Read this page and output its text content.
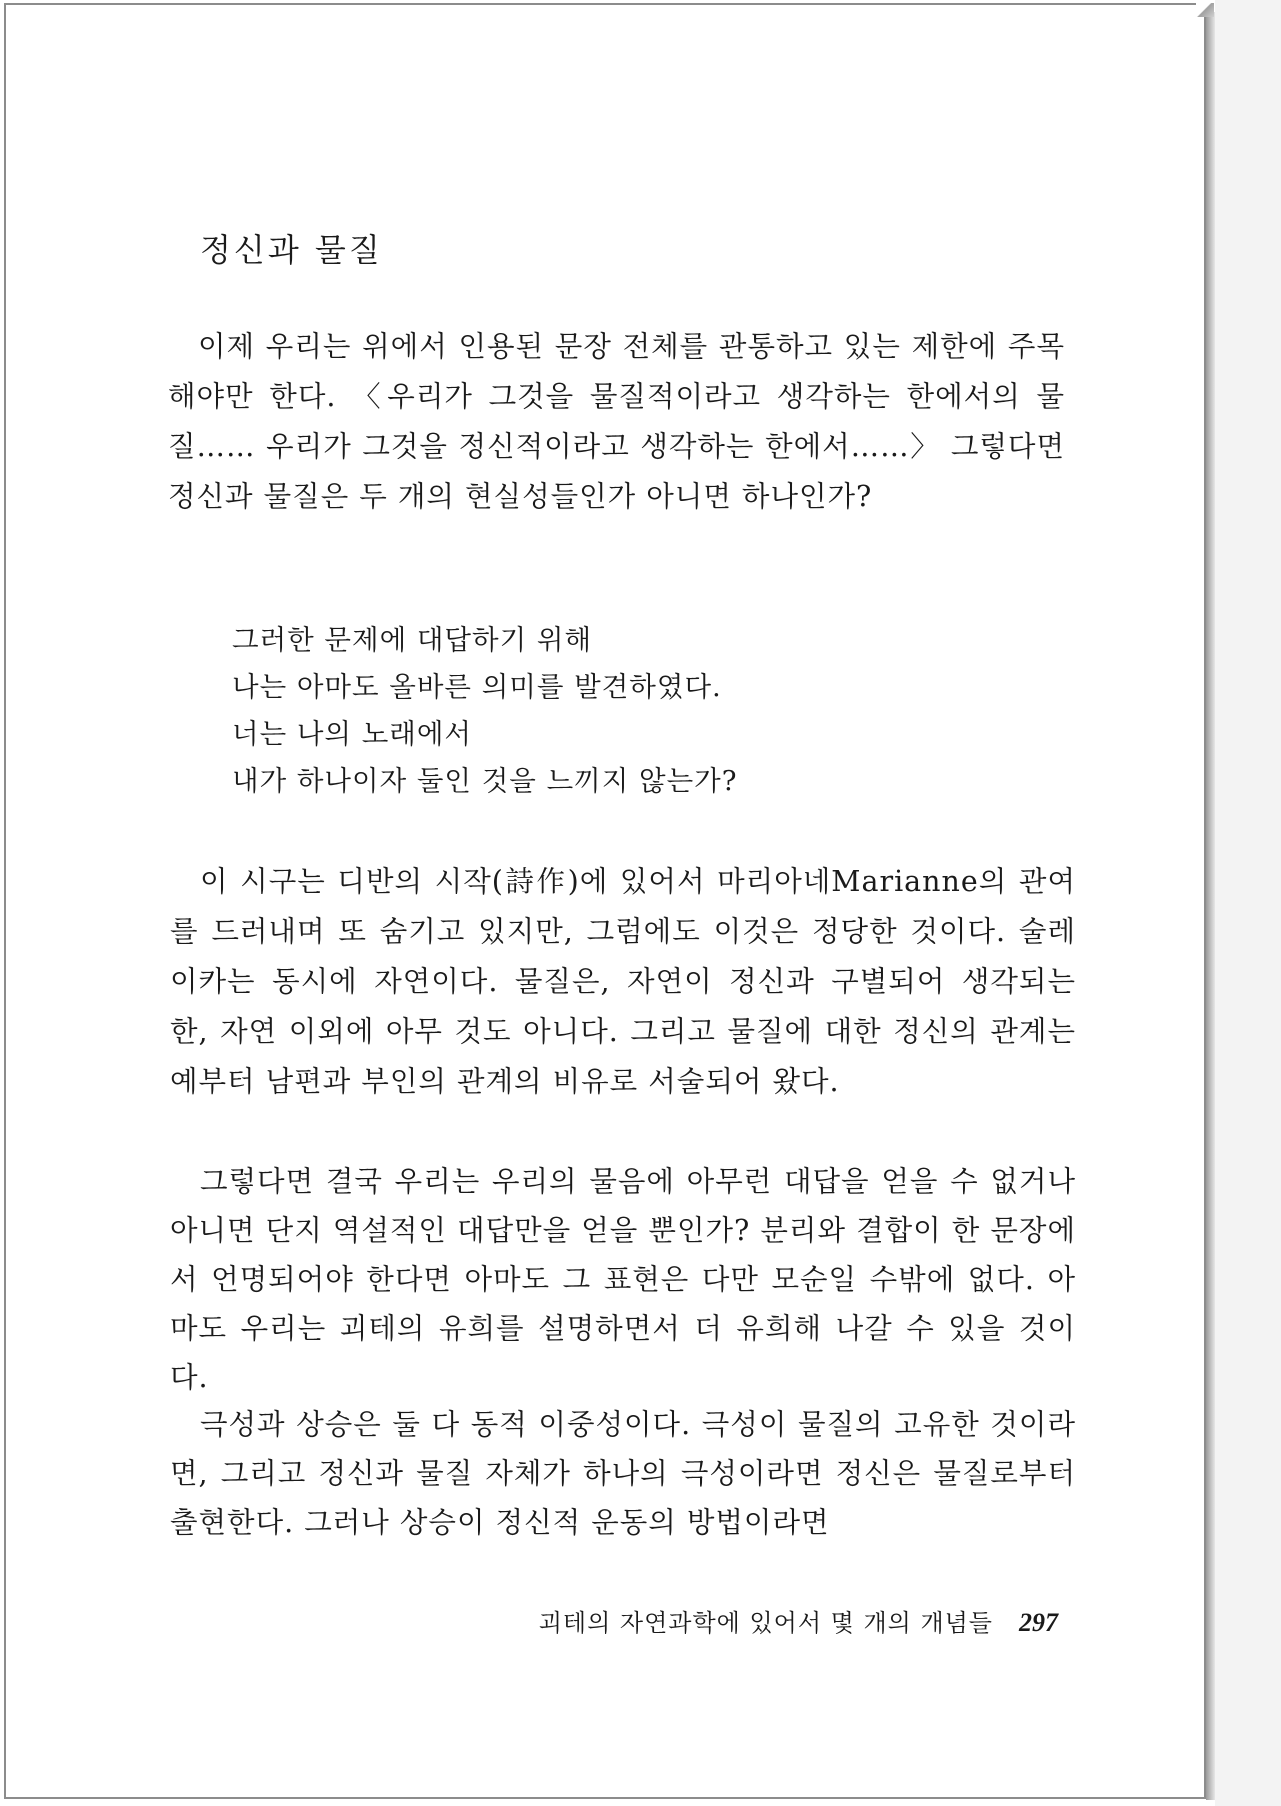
정신과 물질

이제 우리는 위에서 인용된 문장 전체를 관통하고 있는 제한에 주목해야만 한다. 〈우리가 그것을 물질적이라고 생각하는 한에서의 물질…… 우리가 그것을 정신적이라고 생각하는 한에서……〉 그렇다면 정신과 물질은 두 개의 현실성들인가 아니면 하나인가?

그러한 문제에 대답하기 위해
나는 아마도 올바른 의미를 발견하였다.
너는 나의 노래에서
내가 하나이자 둘인 것을 느끼지 않는가?

이 시구는 디반의 시작(詩作)에 있어서 마리아네Marianne의 관여를 드러내며 또 숨기고 있지만, 그럼에도 이것은 정당한 것이다. 술레이카는 동시에 자연이다. 물질은, 자연이 정신과 구별되어 생각되는 한, 자연 이외에 아무 것도 아니다. 그리고 물질에 대한 정신의 관계는 예부터 남편과 부인의 관계의 비유로 서술되어 왔다.

그렇다면 결국 우리는 우리의 물음에 아무런 대답을 얻을 수 없거나 아니면 단지 역설적인 대답만을 얻을 뿐인가? 분리와 결합이 한 문장에서 언명되어야 한다면 아마도 그 표현은 다만 모순일 수밖에 없다. 아마도 우리는 괴테의 유희를 설명하면서 더 유희해 나갈 수 있을 것이다.

극성과 상승은 둘 다 동적 이중성이다. 극성이 물질의 고유한 것이라면, 그리고 정신과 물질 자체가 하나의 극성이라면 정신은 물질로부터 출현한다. 그러나 상승이 정신적 운동의 방법이라면

괴테의 자연과학에 있어서 몇 개의 개념들 297
